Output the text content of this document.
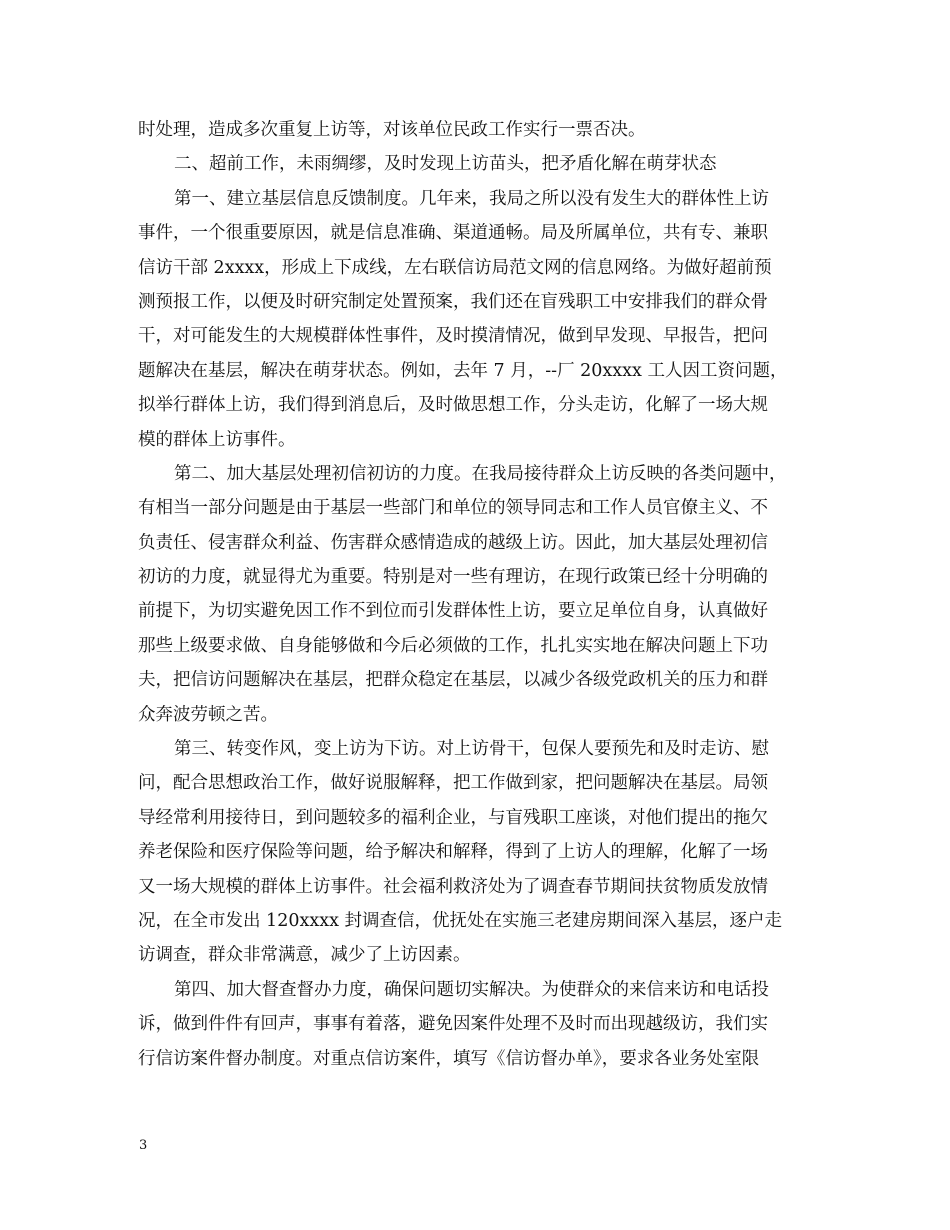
时处理，造成多次重复上访等，对该单位民政工作实行一票否决。
二、超前工作，未雨绸缪，及时发现上访苗头，把矛盾化解在萌芽状态
第一、建立基层信息反馈制度。几年来，我局之所以没有发生大的群体性上访
事件，一个很重要原因，就是信息准确、渠道通畅。局及所属单位，共有专、兼职
信访干部 2xxxx，形成上下成线，左右联信访局范文网的信息网络。为做好超前预
测预报工作，以便及时研究制定处置预案，我们还在盲残职工中安排我们的群众骨
干，对可能发生的大规模群体性事件，及时摸清情况，做到早发现、早报告，把问
题解决在基层，解决在萌芽状态。例如，去年 7 月，--厂 20xxxx 工人因工资问题，
拟举行群体上访，我们得到消息后，及时做思想工作，分头走访，化解了一场大规
模的群体上访事件。
第二、加大基层处理初信初访的力度。在我局接待群众上访反映的各类问题中，
有相当一部分问题是由于基层一些部门和单位的领导同志和工作人员官僚主义、不
负责任、侵害群众利益、伤害群众感情造成的越级上访。因此，加大基层处理初信
初访的力度，就显得尤为重要。特别是对一些有理访，在现行政策已经十分明确的
前提下，为切实避免因工作不到位而引发群体性上访，要立足单位自身，认真做好
那些上级要求做、自身能够做和今后必须做的工作，扎扎实实地在解决问题上下功
夫，把信访问题解决在基层，把群众稳定在基层，以减少各级党政机关的压力和群
众奔波劳顿之苦。
第三、转变作风，变上访为下访。对上访骨干，包保人要预先和及时走访、慰
问，配合思想政治工作，做好说服解释，把工作做到家，把问题解决在基层。局领
导经常利用接待日，到问题较多的福利企业，与盲残职工座谈，对他们提出的拖欠
养老保险和医疗保险等问题，给予解决和解释，得到了上访人的理解，化解了一场
又一场大规模的群体上访事件。社会福利救济处为了调查春节期间扶贫物质发放情
况，在全市发出 120xxxx 封调查信，优抚处在实施三老建房期间深入基层，逐户走
访调查，群众非常满意，减少了上访因素。
第四、加大督查督办力度，确保问题切实解决。为使群众的来信来访和电话投
诉，做到件件有回声，事事有着落，避免因案件处理不及时而出现越级访，我们实
行信访案件督办制度。对重点信访案件，填写《信访督办单》，要求各业务处室限
3
